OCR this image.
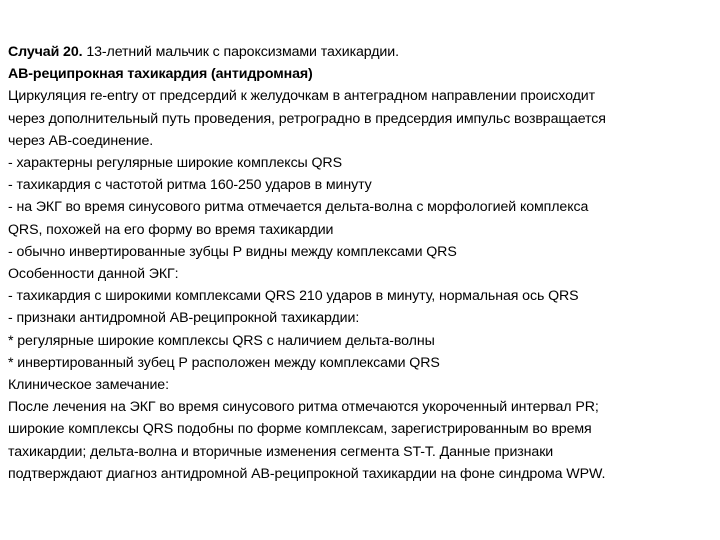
Случай 20. 13-летний мальчик с пароксизмами тахикардии.
АВ-реципрокная тахикардия (антидромная)
Циркуляция re-entry от предсердий к желудочкам в антеградном направлении происходит
через дополнительный путь проведения, ретроградно в предсердия импульс возвращается
через АВ-соединение.
- характерны регулярные широкие комплексы QRS
- тахикардия с частотой ритма 160-250 ударов в минуту
- на ЭКГ во время синусового ритма отмечается дельта-волна с морфологией комплекса
QRS, похожей на его форму во время тахикардии
- обычно инвертированные зубцы Р видны между комплексами QRS
Особенности данной ЭКГ:
- тахикардия с широкими комплексами QRS 210 ударов в минуту, нормальная ось QRS
- признаки антидромной АВ-реципрокной тахикардии:
* регулярные широкие комплексы QRS с наличием дельта-волны
* инвертированный зубец Р расположен между комплексами QRS
Клиническое замечание:
После лечения на ЭКГ во время синусового ритма отмечаются укороченный интервал PR;
широкие комплексы QRS подобны по форме комплексам, зарегистрированным во время
тахикардии; дельта-волна и вторичные изменения сегмента ST-T. Данные признаки
подтверждают диагноз антидромной АВ-реципрокной тахикардии на фоне синдрома WPW.
